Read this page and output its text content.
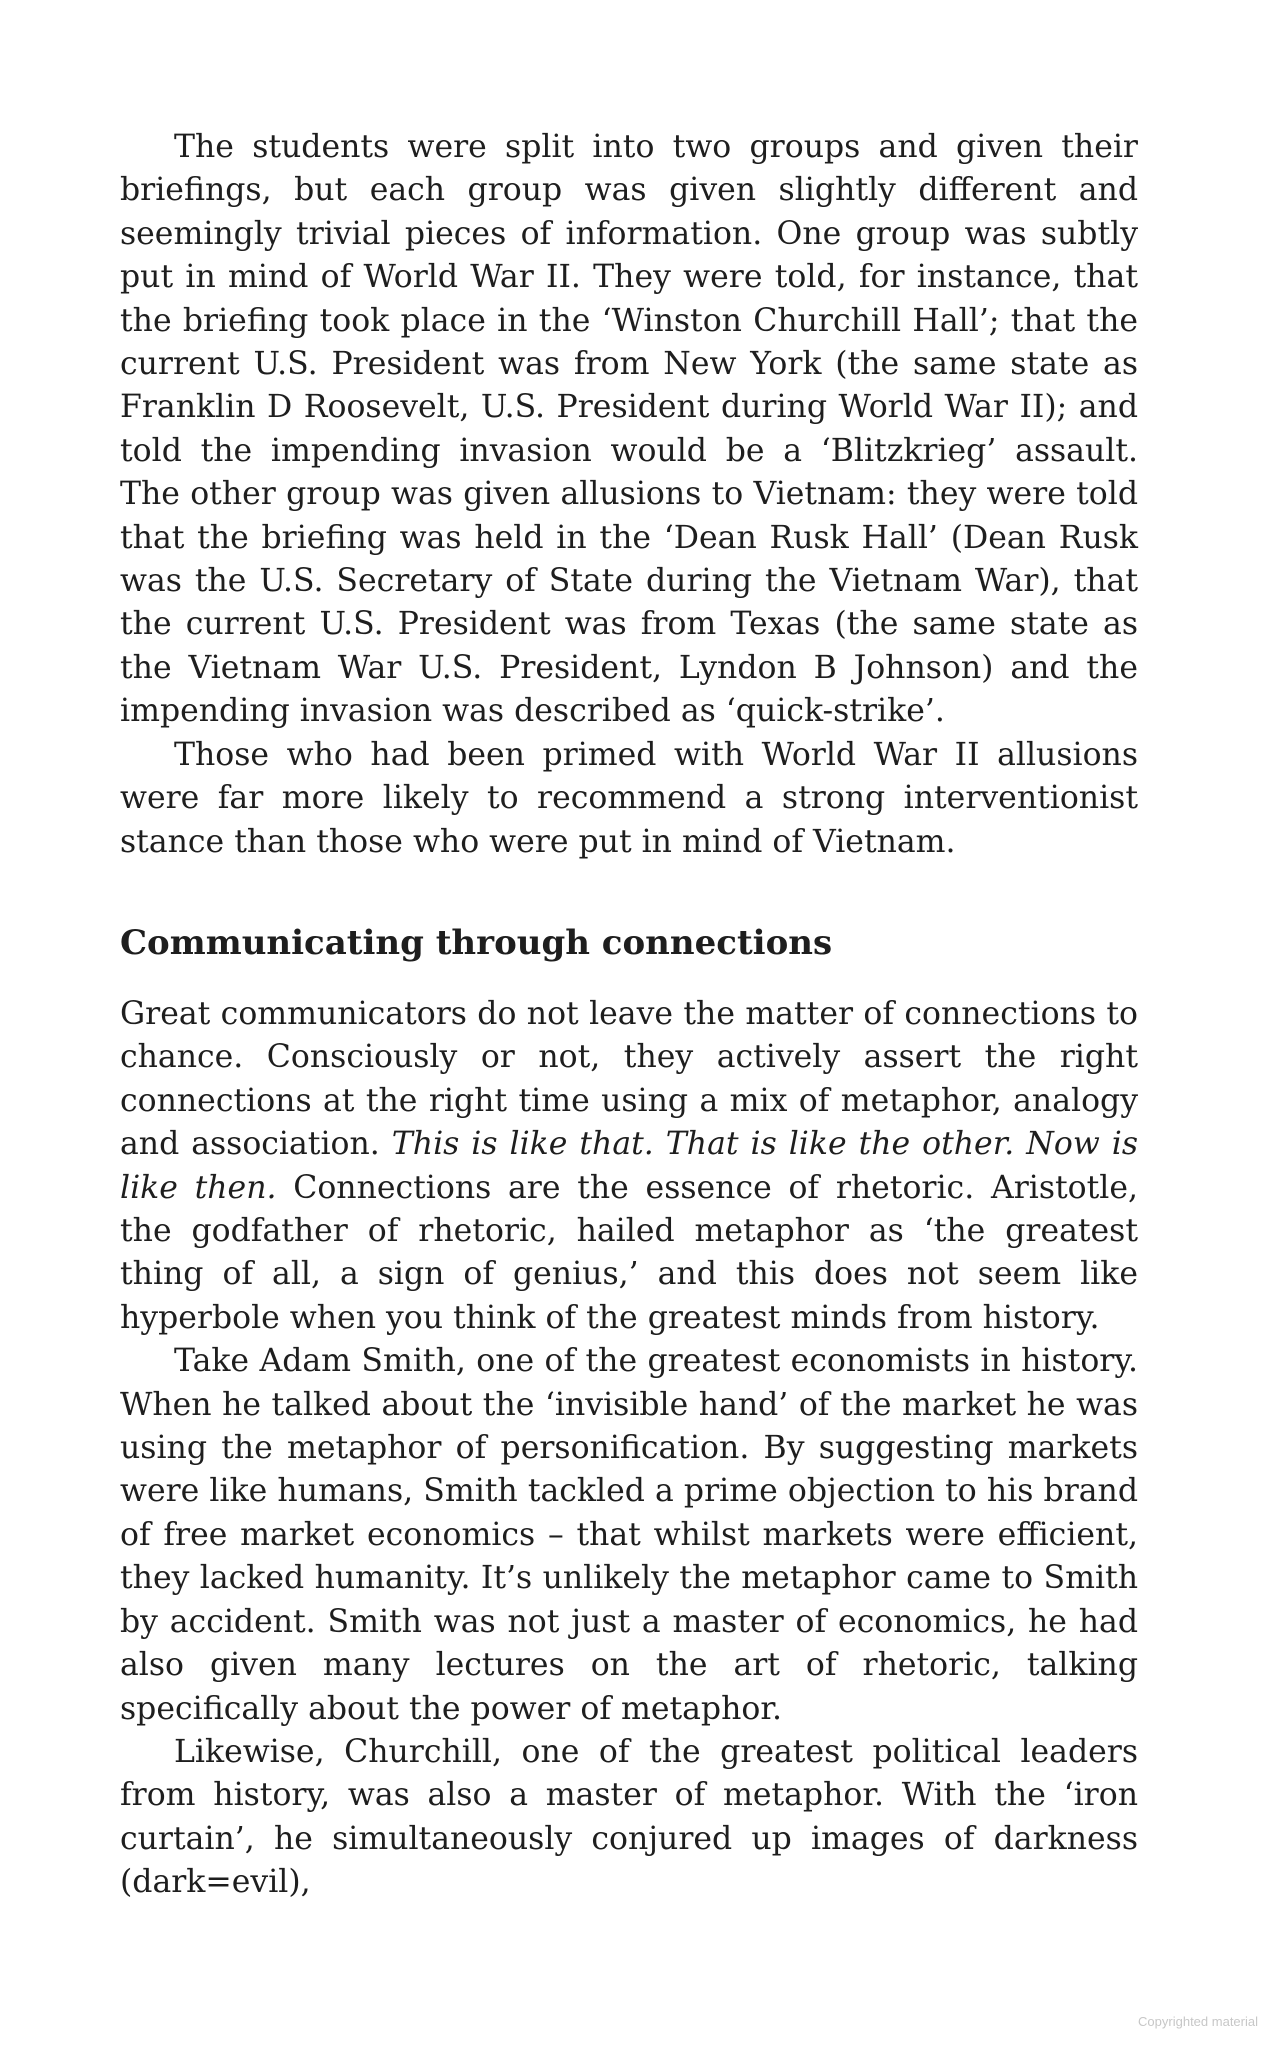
The students were split into two groups and given their briefings, but each group was given slightly different and seemingly trivial pieces of information. One group was subtly put in mind of World War II. They were told, for instance, that the briefing took place in the ‘Winston Churchill Hall’; that the current U.S. President was from New York (the same state as Franklin D Roosevelt, U.S. President during World War II); and told the impending invasion would be a ‘Blitzkrieg’ assault. The other group was given allusions to Vietnam: they were told that the briefing was held in the ‘Dean Rusk Hall’ (Dean Rusk was the U.S. Secretary of State during the Vietnam War), that the current U.S. President was from Texas (the same state as the Vietnam War U.S. President, Lyndon B Johnson) and the impending invasion was described as ‘quick-strike’.

Those who had been primed with World War II allusions were far more likely to recommend a strong interventionist stance than those who were put in mind of Vietnam.

Communicating through connections

Great communicators do not leave the matter of connections to chance. Consciously or not, they actively assert the right connections at the right time using a mix of metaphor, analogy and association. This is like that. That is like the other. Now is like then. Connections are the essence of rhetoric. Aristotle, the godfather of rhetoric, hailed metaphor as ‘the greatest thing of all, a sign of genius,’ and this does not seem like hyperbole when you think of the greatest minds from history.

Take Adam Smith, one of the greatest economists in history. When he talked about the ‘invisible hand’ of the market he was using the metaphor of personification. By suggesting markets were like humans, Smith tackled a prime objection to his brand of free market economics – that whilst markets were efficient, they lacked humanity. It’s unlikely the metaphor came to Smith by accident. Smith was not just a master of economics, he had also given many lectures on the art of rhetoric, talking specifically about the power of metaphor.

Likewise, Churchill, one of the greatest political leaders from history, was also a master of metaphor. With the ‘iron curtain’, he simultaneously conjured up images of darkness (dark=evil),

Copyrighted material
